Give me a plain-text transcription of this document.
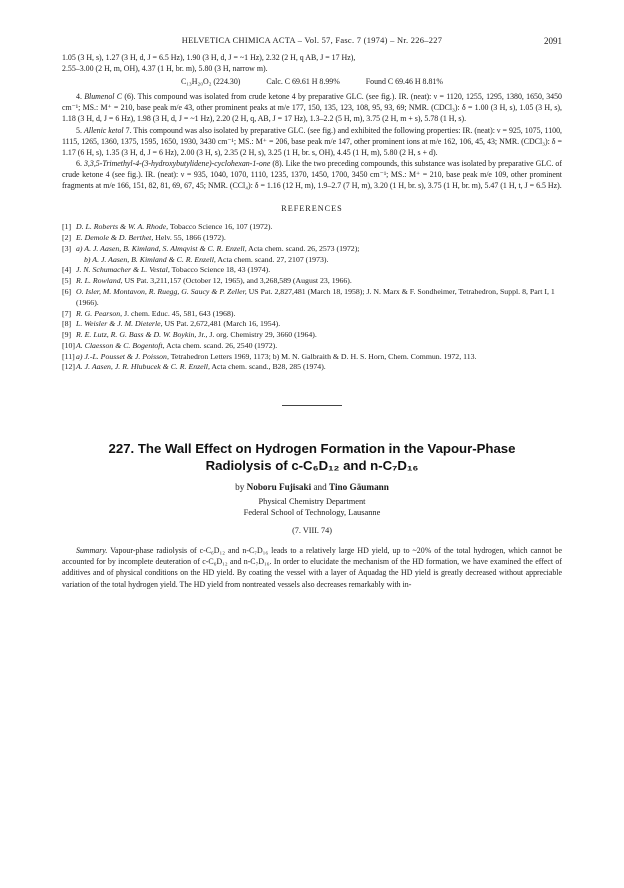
HELVETICA CHIMICA ACTA – Vol. 57, Fasc. 7 (1974) – Nr. 226–227	2091

1.05 (3 H, s), 1.27 (3 H, d, J = 6.5 Hz), 1.90 (3 H, d, J = ~1 Hz), 2.32 (2 H, q AB, J = 17 Hz),

2.55–3.00 (2 H, m, OH), 4.37 (1 H, br. m), 5.80 (3 H, narrow m).

C₁₃H₂₀O₂ (224.30)	Calc. C 69.61 H 8.99%	Found C 69.46 H 8.81%

4. Blumenol C (6). This compound was isolated from crude ketone 4 by preparative GLC. (see fig.). IR. (neat): ν = 1120, 1255, 1295, 1380, 1650, 3450 cm⁻¹; MS.: M⁺ = 210, base peak m/e 43, other prominent peaks at m/e 177, 150, 135, 123, 108, 95, 93, 69; NMR. (CDCl₃): δ = 1.00 (3 H, s), 1.05 (3 H, s), 1.18 (3 H, d, J = 6 Hz), 1.98 (3 H, d, J = ~1 Hz), 2.20 (2 H, q, AB, J = 17 Hz), 1.3–2.2 (5 H, m), 3.75 (2 H, m + s), 5.78 (1 H, s).

5. Allenic ketol 7. This compound was also isolated by preparative GLC. (see fig.) and exhibited the following properties: IR. (neat): ν = 925, 1075, 1100, 1115, 1265, 1360, 1375, 1595, 1650, 1930, 3430 cm⁻¹; MS.: M⁺ = 206, base peak m/e 147, other prominent ions at m/e 162, 106, 45, 43; NMR. (CDCl₃): δ = 1.17 (6 H, s), 1.35 (3 H, d, J = 6 Hz), 2.00 (3 H, s), 2.35 (2 H, s), 3.25 (1 H, br. s, OH), 4.45 (1 H, m), 5.80 (2 H, s + d).

6. 3,3,5-Trimethyl-4-(3-hydroxybutylidene)-cyclohexan-1-one (8). Like the two preceding compounds, this substance was isolated by preparative GLC. of crude ketone 4 (see fig.). IR. (neat): ν = 935, 1040, 1070, 1110, 1235, 1370, 1450, 1700, 3450 cm⁻¹; MS.: M⁺ = 210, base peak m/e 109, other prominent fragments at m/e 166, 151, 82, 81, 69, 67, 45; NMR. (CCl₄): δ = 1.16 (12 H, m), 1.9–2.7 (7 H, m), 3.20 (1 H, br. s), 3.75 (1 H, br. m), 5.47 (1 H, t, J = 6.5 Hz).

REFERENCES
[1] D. L. Roberts & W. A. Rhode, Tobacco Science 16, 107 (1972).
[2] E. Demole & D. Berthet, Helv. 55, 1866 (1972).
[3] a) A. J. Aasen, B. Kimland, S. Almqvist & C. R. Enzell, Acta chem. scand. 26, 2573 (1972);
b) A. J. Aasen, B. Kimland & C. R. Enzell, Acta chem. scand. 27, 2107 (1973).
[4] J. N. Schumacher & L. Vestal, Tobacco Science 18, 43 (1974).
[5] R. L. Rowland, US Pat. 3,211,157 (October 12, 1965), and 3,268,589 (August 23, 1966).
[6] O. Isler, M. Montavon, R. Ruegg, G. Saucy & P. Zeller, US Pat. 2,827,481 (March 18, 1958); J. N. Marx & F. Sondheimer, Tetrahedron, Suppl. 8, Part I, 1 (1966).
[7] R. G. Pearson, J. chem. Educ. 45, 581, 643 (1968).
[8] L. Weisler & J. M. Dieterle, US Pat. 2,672,481 (March 16, 1954).
[9] R. E. Lutz, R. G. Bass & D. W. Boykin, Jr., J. org. Chemistry 29, 3660 (1964).
[10] A. Claesson & C. Bogentoft, Acta chem. scand. 26, 2540 (1972).
[11] a) J.-L. Pousset & J. Poisson, Tetrahedron Letters 1969, 1173; b) M. N. Galbraith & D. H. S. Horn, Chem. Commun. 1972, 113.
[12] A. J. Aasen, J. R. Hlubucek & C. R. Enzell, Acta chem. scand., B28, 285 (1974).
227. The Wall Effect on Hydrogen Formation in the Vapour-Phase
Radiolysis of c-C₆D₁₂ and n-C₇D₁₆
by Noboru Fujisaki and Tino Gäumann
Physical Chemistry Department
Federal School of Technology, Lausanne
(7. VIII. 74)

Summary. Vapour-phase radiolysis of c-C₆D₁₂ and n-C₇D₁₆ leads to a relatively large HD yield, up to ~20% of the total hydrogen, which cannot be accounted for by incomplete deuteration of c-C₆D₁₂ and n-C₇D₁₆. In order to elucidate the mechanism of the HD formation, we have examined the effect of additives and of physical conditions on the HD yield. By coating the vessel with a layer of Aquadag the HD yield is greatly decreased without appreciable variation of the total hydrogen yield. The HD yield from nontreated vessels also decreases remarkably with in-
